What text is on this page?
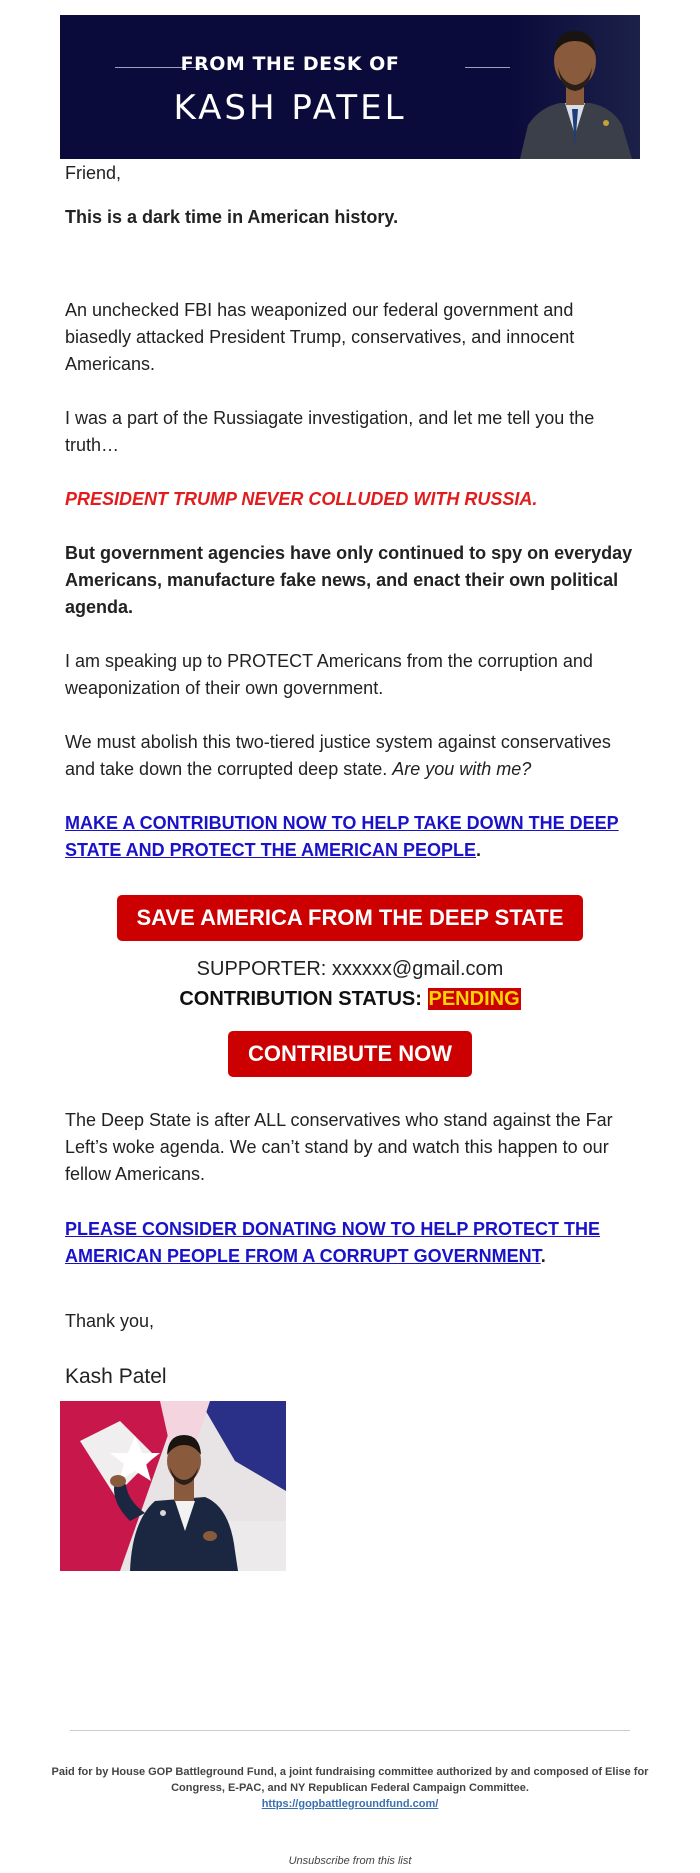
FROM THE DESK OF
KASH PATEL
Friend,
This is a dark time in American history.
An unchecked FBI has weaponized our federal government and biasedly attacked President Trump, conservatives, and innocent Americans.
I was a part of the Russiagate investigation, and let me tell you the truth…
PRESIDENT TRUMP NEVER COLLUDED WITH RUSSIA.
But government agencies have only continued to spy on everyday Americans, manufacture fake news, and enact their own political agenda.
I am speaking up to PROTECT Americans from the corruption and weaponization of their own government.
We must abolish this two-tiered justice system against conservatives and take down the corrupted deep state. Are you with me?
MAKE A CONTRIBUTION NOW TO HELP TAKE DOWN THE DEEP STATE AND PROTECT THE AMERICAN PEOPLE.
SAVE AMERICA FROM THE DEEP STATE
SUPPORTER: xxxxxx@gmail.com
CONTRIBUTION STATUS: PENDING
CONTRIBUTE NOW
The Deep State is after ALL conservatives who stand against the Far Left’s woke agenda. We can’t stand by and watch this happen to our fellow Americans.
PLEASE CONSIDER DONATING NOW TO HELP PROTECT THE AMERICAN PEOPLE FROM A CORRUPT GOVERNMENT.
Thank you,
Kash Patel
Paid for by House GOP Battleground Fund, a joint fundraising committee authorized by and composed of Elise for Congress, E-PAC, and NY Republican Federal Campaign Committee.
https://gopbattlegroundfund.com/
Unsubscribe from this list
